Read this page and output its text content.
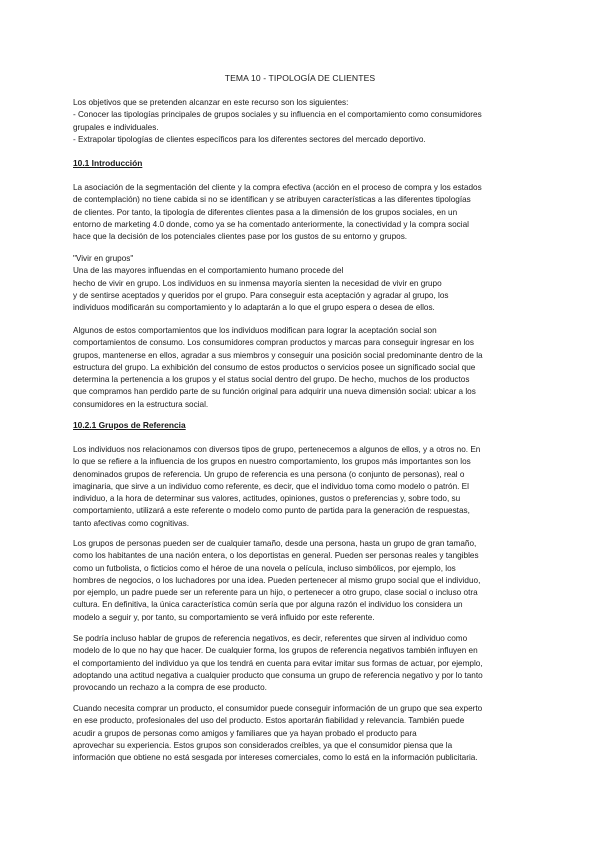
TEMA 10 - TIPOLOGÍA DE CLIENTES
Los objetivos que se pretenden alcanzar en este recurso son los siguientes:
- Conocer las tipologías principales de grupos sociales y su influencia en el comportamiento como consumidores
grupales e individuales.
- Extrapolar tipologías de clientes específicos para los diferentes sectores del mercado deportivo.
10.1 Introducción
La asociación de la segmentación del cliente y la compra efectiva (acción en el proceso de compra y los estados
de contemplación) no tiene cabida si no se identifican y se atribuyen características a las diferentes tipologías
de clientes. Por tanto, la tipología de diferentes clientes pasa a la dimensión de los grupos sociales, en un
entorno de marketing 4.0 donde, como ya se ha comentado anteriormente, la conectividad y la compra social
hace que la decisión de los potenciales clientes pase por los gustos de su entorno y grupos.
"Vivir en grupos"
Una de las mayores influendas en el comportamiento humano procede del
hecho de vivir en grupo. Los individuos en su inmensa mayoría sienten la necesidad de vivir en grupo
y de sentirse aceptados y queridos por el grupo. Para conseguir esta aceptación y agradar al grupo, los
individuos modificarán su comportamiento y lo adaptarán a lo que el grupo espera o desea de ellos.
Algunos de estos comportamientos que los individuos modifican para lograr la aceptación social son
comportamientos de consumo. Los consumidores compran productos y marcas para conseguir ingresar en los
grupos, mantenerse en ellos, agradar a sus miembros y conseguir una posición social predominante dentro de la
estructura del grupo. La exhibición del consumo de estos productos o servicios posee un significado social que
determina la pertenencia a los grupos y el status social dentro del grupo. De hecho, muchos de los productos
que compramos han perdido parte de su función original para adquirir una nueva dimensión social: ubicar a los
consumidores en la estructura social.
10.2.1 Grupos de Referencia
Los individuos nos relacionamos con diversos tipos de grupo, pertenecemos a algunos de ellos, y a otros no. En
lo que se refiere a la influencia de los grupos en nuestro comportamiento, los grupos más importantes son los
denominados grupos de referencia. Un grupo de referencia es una persona (o conjunto de personas), real o
imaginaria, que sirve a un individuo como referente, es decir, que el individuo toma como modelo o patrón. El
individuo, a la hora de determinar sus valores, actitudes, opiniones, gustos o preferencias y, sobre todo, su
comportamiento, utilizará a este referente o modelo como punto de partida para la generación de respuestas,
tanto afectivas como cognitivas.
Los grupos de personas pueden ser de cualquier tamaño, desde una persona, hasta un grupo de gran tamaño,
como los habitantes de una nación entera, o los deportistas en general. Pueden ser personas reales y tangibles
como un futbolista, o ficticios como el héroe de una novela o película, incluso simbólicos, por ejemplo, los
hombres de negocios, o los luchadores por una idea. Pueden pertenecer al mismo grupo social que el individuo,
por ejemplo, un padre puede ser un referente para un hijo, o pertenecer a otro grupo, clase social o incluso otra
cultura. En definitiva, la única característica común sería que por alguna razón el individuo los considera un
modelo a seguir y, por tanto, su comportamiento se verá influido por este referente.
Se podría incluso hablar de grupos de referencia negativos, es decir, referentes que sirven al individuo como
modelo de lo que no hay que hacer. De cualquier forma, los grupos de referencia negativos también influyen en
el comportamiento del individuo ya que los tendrá en cuenta para evitar imitar sus formas de actuar, por ejemplo,
adoptando una actitud negativa a cualquier producto que consuma un grupo de referencia negativo y por lo tanto
provocando un rechazo a la compra de ese producto.
Cuando necesita comprar un producto, el consumidor puede conseguir información de un grupo que sea experto
en ese producto, profesionales del uso del producto. Estos aportarán fiabilidad y relevancia. También puede
acudir a grupos de personas como amigos y familiares que ya hayan probado el producto para
aprovechar su experiencia. Estos grupos son considerados creíbles, ya que el consumidor piensa que la
información que obtiene no está sesgada por intereses comerciales, como lo está en la información publicitaria.
